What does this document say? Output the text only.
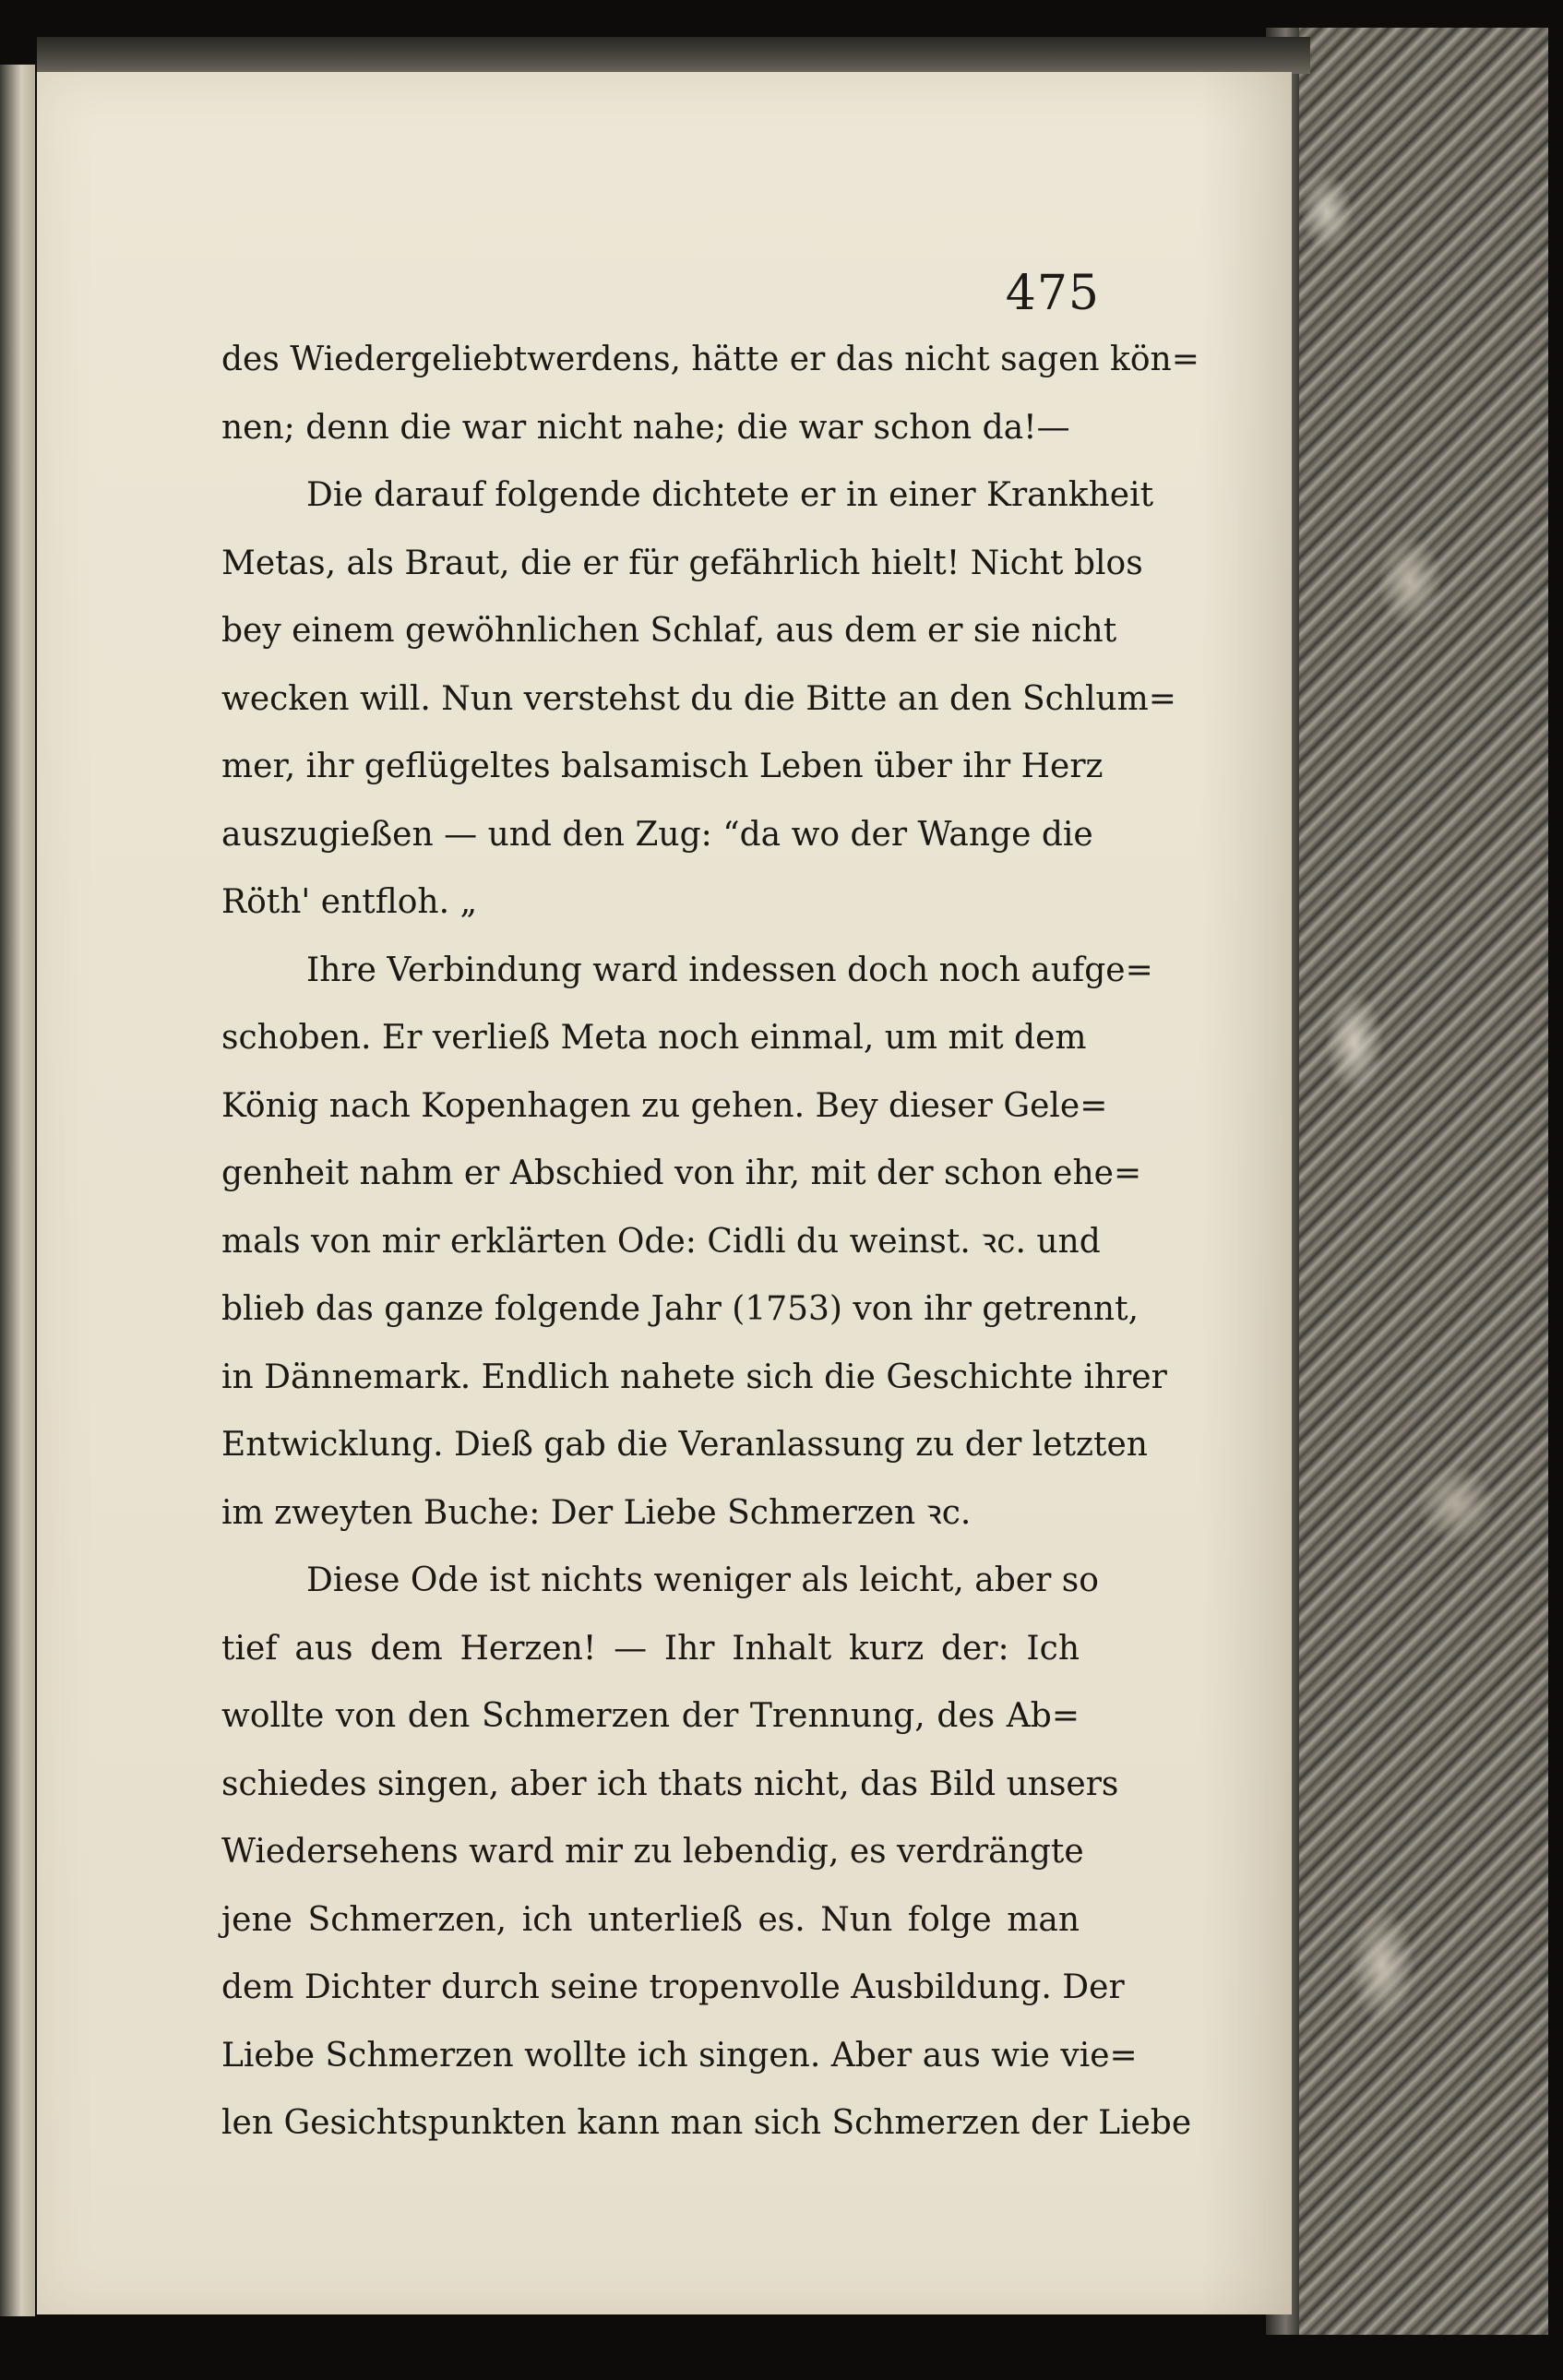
475
des Wiedergeliebtwerdens, hätte er das nicht sagen kön=
nen; denn die war nicht nahe; die war schon da!—
Die darauf folgende dichtete er in einer Krankheit
Metas, als Braut, die er für gefährlich hielt! Nicht blos
bey einem gewöhnlichen Schlaf, aus dem er sie nicht
wecken will. Nun verstehst du die Bitte an den Schlum=
mer, ihr geflügeltes balsamisch Leben über ihr Herz
auszugießen — und den Zug: “da wo der Wange die
Röth' entfloh. „
Ihre Verbindung ward indessen doch noch aufge=
schoben. Er verließ Meta noch einmal, um mit dem
König nach Kopenhagen zu gehen. Bey dieser Gele=
genheit nahm er Abschied von ihr, mit der schon ehe=
mals von mir erklärten Ode: Cidli du weinst. ꝛc. und
blieb das ganze folgende Jahr (1753) von ihr getrennt,
in Dännemark. Endlich nahete sich die Geschichte ihrer
Entwicklung. Dieß gab die Veranlassung zu der letzten
im zweyten Buche: Der Liebe Schmerzen ꝛc.
Diese Ode ist nichts weniger als leicht, aber so
tief aus dem Herzen! — Ihr Inhalt kurz der: Ich
wollte von den Schmerzen der Trennung, des Ab=
schiedes singen, aber ich thats nicht, das Bild unsers
Wiedersehens ward mir zu lebendig, es verdrängte
jene Schmerzen, ich unterließ es. Nun folge man
dem Dichter durch seine tropenvolle Ausbildung. Der
Liebe Schmerzen wollte ich singen. Aber aus wie vie=
len Gesichtspunkten kann man sich Schmerzen der Liebe
